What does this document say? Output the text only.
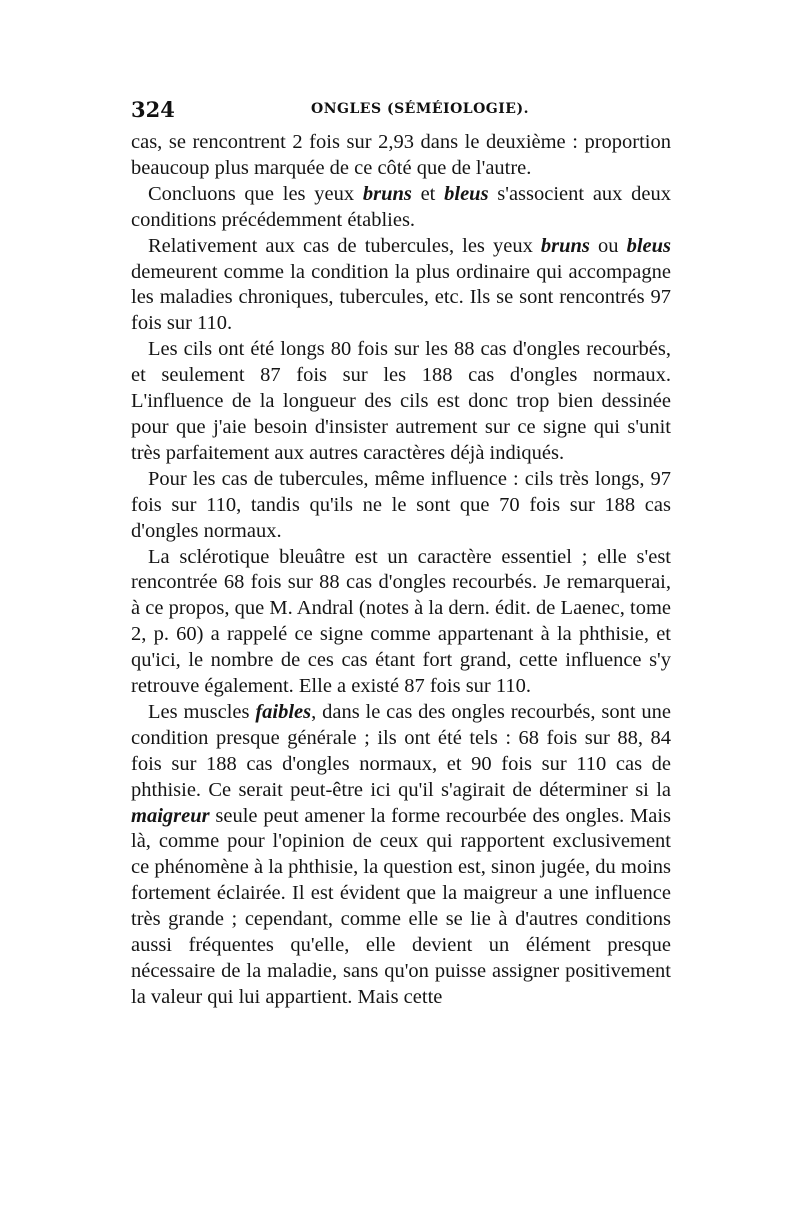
324	ONGLES (SÉMÉIOLOGIE).

cas, se rencontrent 2 fois sur 2,93 dans le deuxième : proportion beaucoup plus marquée de ce côté que de l'autre.

Concluons que les yeux bruns et bleus s'associent aux deux conditions précédemment établies.

Relativement aux cas de tubercules, les yeux bruns ou bleus demeurent comme la condition la plus ordinaire qui accompagne les maladies chroniques, tubercules, etc. Ils se sont rencontrés 97 fois sur 110.

Les cils ont été longs 80 fois sur les 88 cas d'ongles recourbés, et seulement 87 fois sur les 188 cas d'ongles normaux. L'influence de la longueur des cils est donc trop bien dessinée pour que j'aie besoin d'insister autrement sur ce signe qui s'unit très parfaitement aux autres caractères déjà indiqués.

Pour les cas de tubercules, même influence : cils très longs, 97 fois sur 110, tandis qu'ils ne le sont que 70 fois sur 188 cas d'ongles normaux.

La sclérotique bleuâtre est un caractère essentiel ; elle s'est rencontrée 68 fois sur 88 cas d'ongles recourbés. Je remarquerai, à ce propos, que M. Andral (notes à la dern. édit. de Laenec, tome 2, p. 60) a rappelé ce signe comme appartenant à la phthisie, et qu'ici, le nombre de ces cas étant fort grand, cette influence s'y retrouve également. Elle a existé 87 fois sur 110.

Les muscles faibles, dans le cas des ongles recourbés, sont une condition presque générale ; ils ont été tels : 68 fois sur 88, 84 fois sur 188 cas d'ongles normaux, et 90 fois sur 110 cas de phthisie. Ce serait peut-être ici qu'il s'agirait de déterminer si la maigreur seule peut amener la forme recourbée des ongles. Mais là, comme pour l'opinion de ceux qui rapportent exclusivement ce phénomène à la phthisie, la question est, sinon jugée, du moins fortement éclairée. Il est évident que la maigreur a une influence très grande ; cependant, comme elle se lie à d'autres conditions aussi fréquentes qu'elle, elle devient un élément presque nécessaire de la maladie, sans qu'on puisse assigner positivement la valeur qui lui appartient. Mais cette
